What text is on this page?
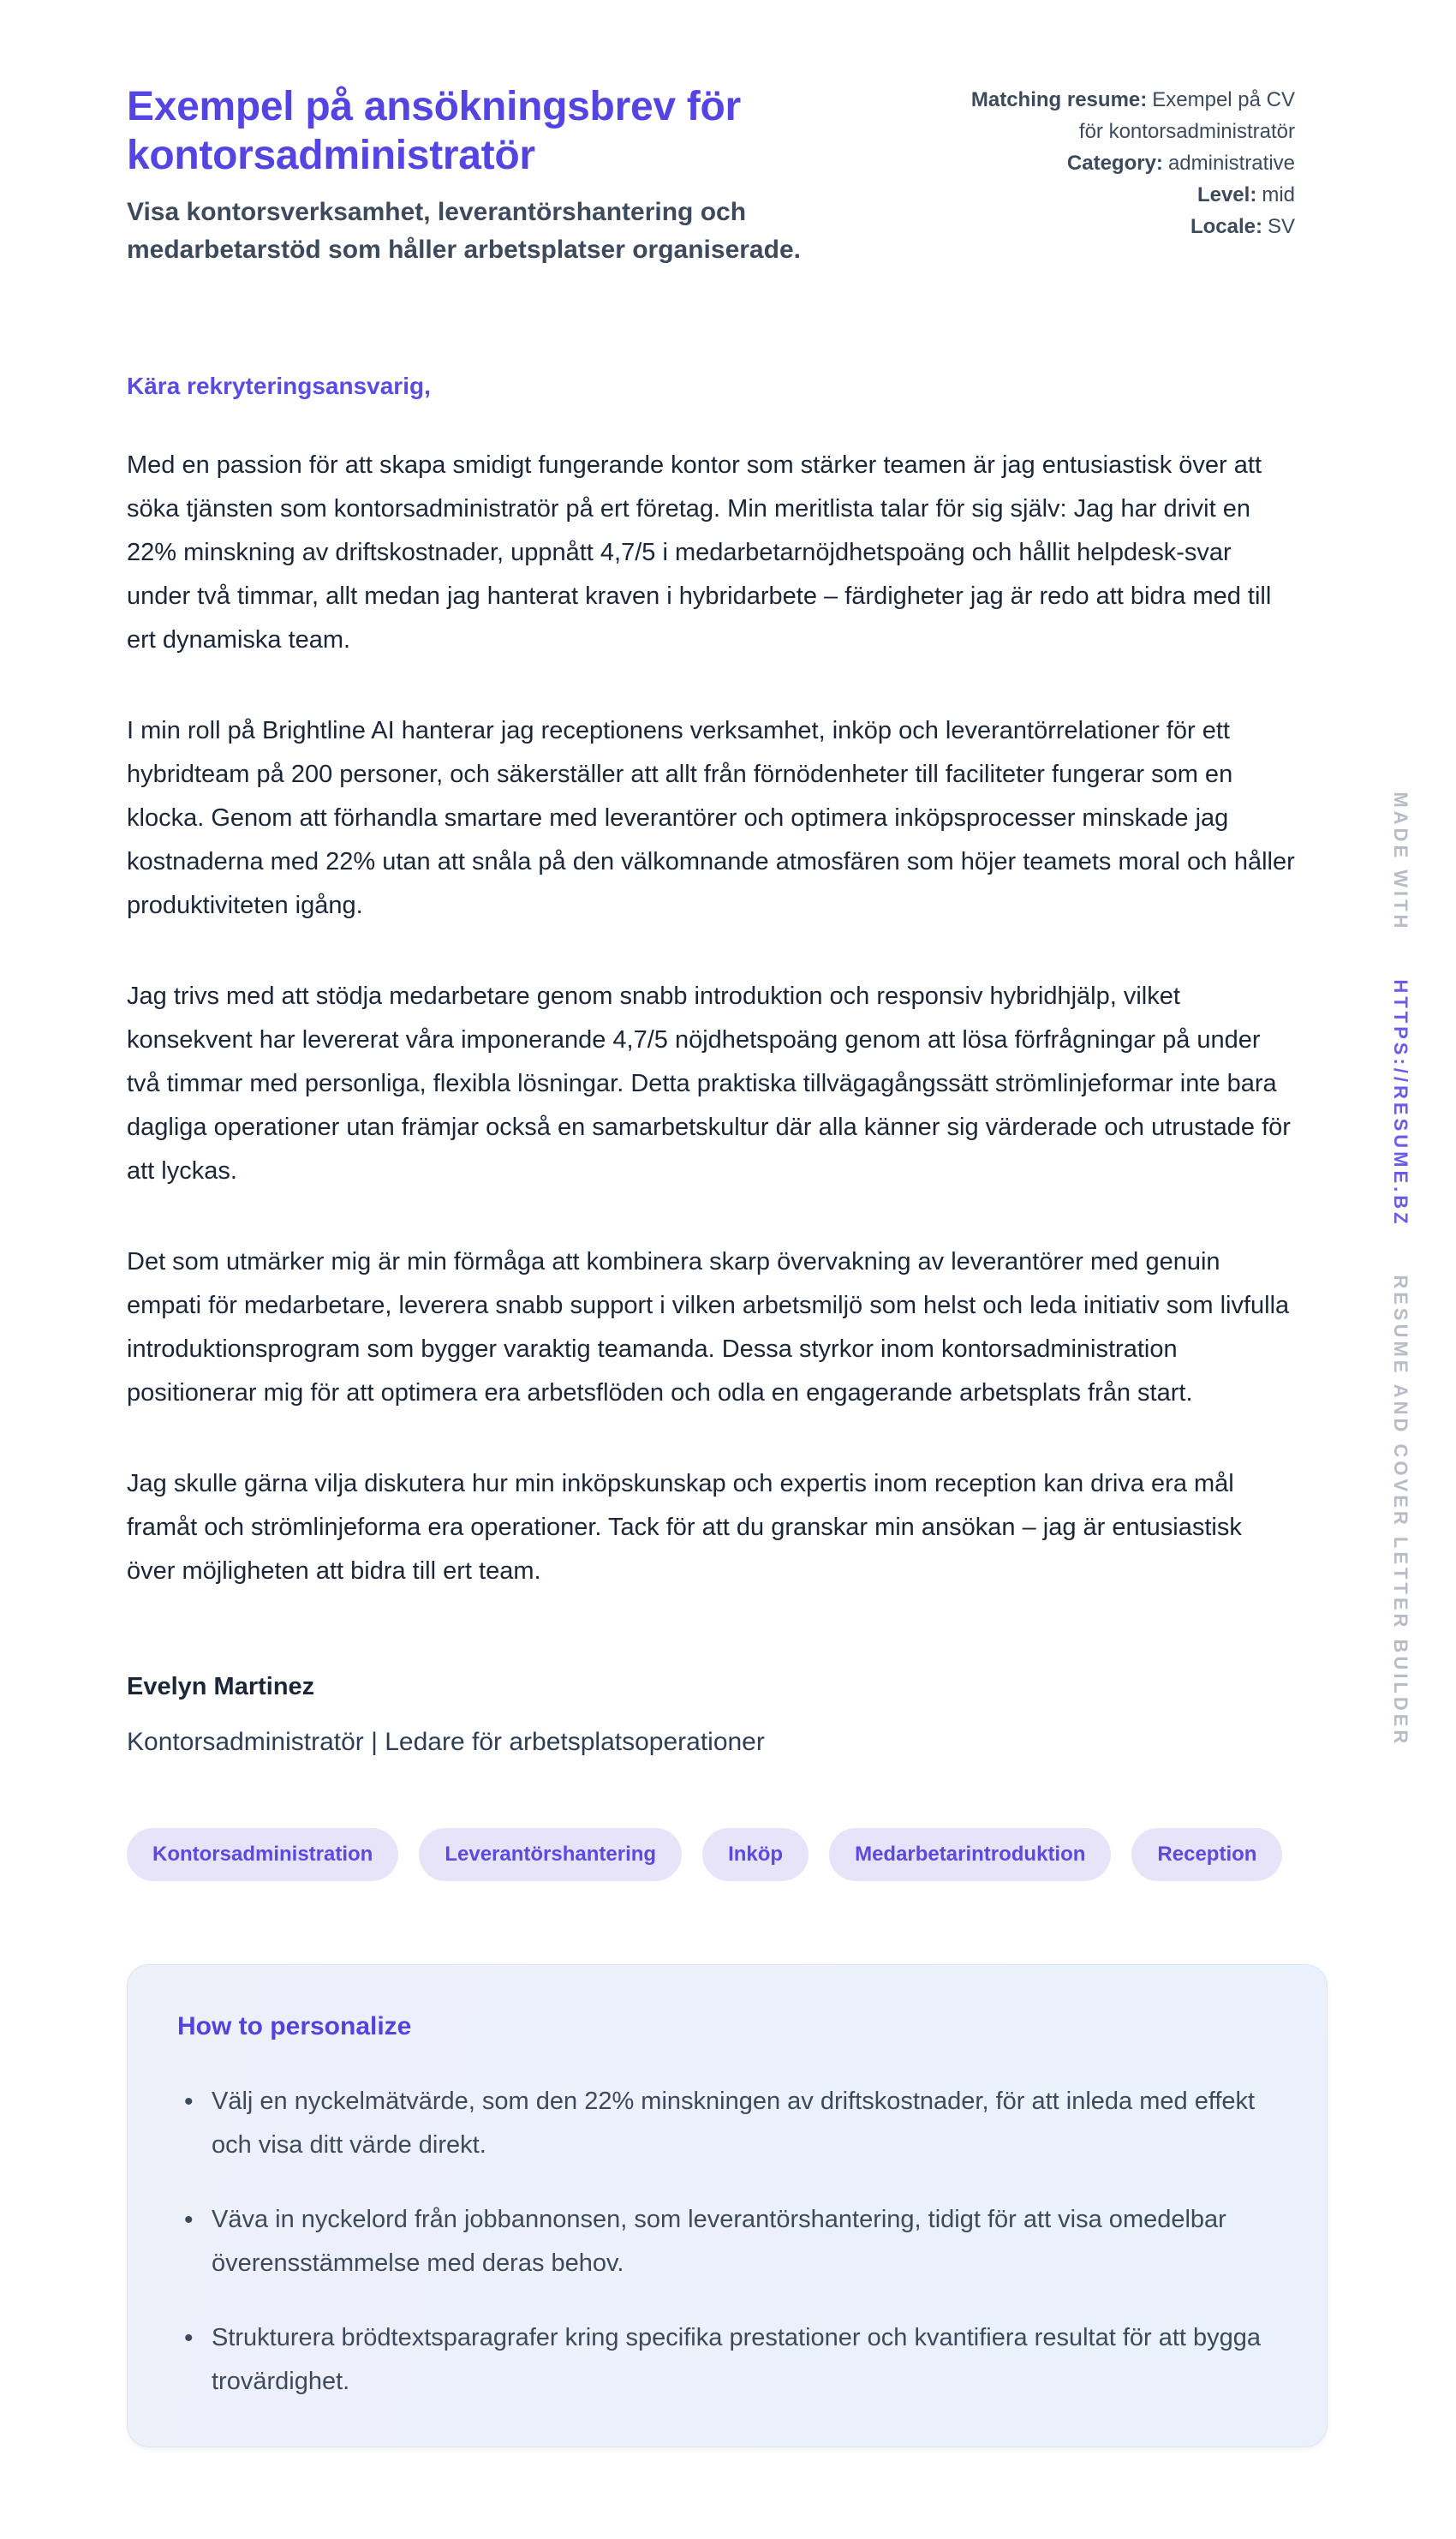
Exempel på ansökningsbrev för kontorsadministratör
Matching resume: Exempel på CV för kontorsadministratör
Category: administrative
Level: mid
Locale: SV
Visa kontorsverksamhet, leverantörshantering och medarbetarstöd som håller arbetsplatser organiserade.
Kära rekryteringsansvarig,

Med en passion för att skapa smidigt fungerande kontor som stärker teamen är jag entusiastisk över att söka tjänsten som kontorsadministratör på ert företag. Min meritlista talar för sig själv: Jag har drivit en 22% minskning av driftskostnader, uppnått 4,7/5 i medarbetarnöjdhetspoäng och hållit helpdesk-svar under två timmar, allt medan jag hanterat kraven i hybridarbete – färdigheter jag är redo att bidra med till ert dynamiska team.

I min roll på Brightline AI hanterar jag receptionens verksamhet, inköp och leverantörrelationer för ett hybridteam på 200 personer, och säkerställer att allt från förnödenheter till faciliteter fungerar som en klocka. Genom att förhandla smartare med leverantörer och optimera inköpsprocesser minskade jag kostnaderna med 22% utan att snåla på den välkomnande atmosfären som höjer teamets moral och håller produktiviteten igång.

Jag trivs med att stödja medarbetare genom snabb introduktion och responsiv hybridhjälp, vilket konsekvent har levererat våra imponerande 4,7/5 nöjdhetspoäng genom att lösa förfrågningar på under två timmar med personliga, flexibla lösningar. Detta praktiska tillvägagångssätt strömlinjeformar inte bara dagliga operationer utan främjar också en samarbetskultur där alla känner sig värderade och utrustade för att lyckas.

Det som utmärker mig är min förmåga att kombinera skarp övervakning av leverantörer med genuin empati för medarbetare, leverera snabb support i vilken arbetsmiljö som helst och leda initiativ som livfulla introduktionsprogram som bygger varaktig teamanda. Dessa styrkor inom kontorsadministration positionerar mig för att optimera era arbetsflöden och odla en engagerande arbetsplats från start.

Jag skulle gärna vilja diskutera hur min inköpskunskap och expertis inom reception kan driva era mål framåt och strömlinjeforma era operationer. Tack för att du granskar min ansökan – jag är entusiastisk över möjligheten att bidra till ert team.

Evelyn Martinez
Kontorsadministratör | Ledare för arbetsplatsoperationer
Kontorsadministration	Leverantörshantering	Inköp	Medarbetarintroduktion	Reception
How to personalize
• Välj en nyckelmätvärde, som den 22% minskningen av driftskostnader, för att inleda med effekt och visa ditt värde direkt.
• Väva in nyckelord från jobbannonsen, som leverantörshantering, tidigt för att visa omedelbar överensstämmelse med deras behov.
• Strukturera brödtextsparagrafer kring specifika prestationer och kvantifiera resultat för att bygga trovärdighet.
MADE WITH
HTTPS://RESUME.BZ
RESUME AND COVER LETTER BUILDER
